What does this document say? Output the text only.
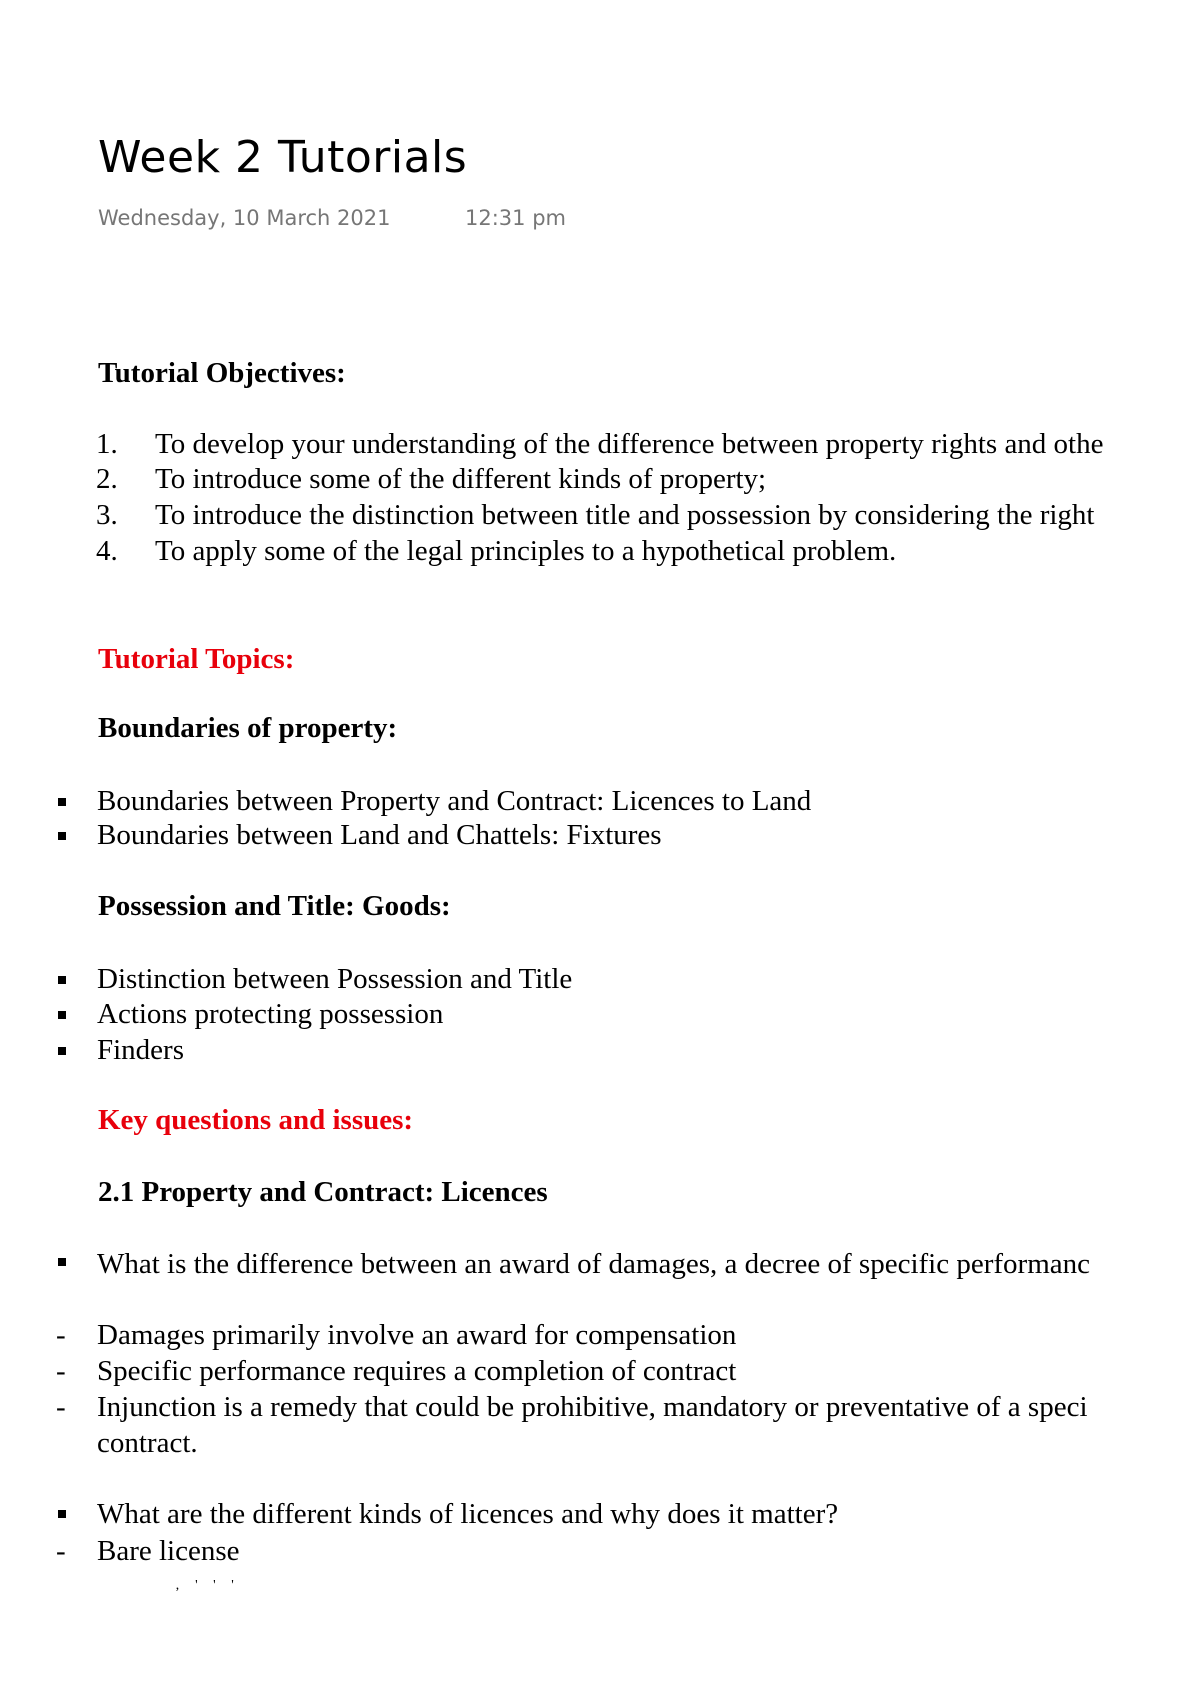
Week 2 Tutorials
Wednesday, 10 March 2021	12:31 pm
Tutorial Objectives:
1. To develop your understanding of the difference between property rights and othe
2. To introduce some of the different kinds of property;
3. To introduce the distinction between title and possession by considering the right
4. To apply some of the legal principles to a hypothetical problem.
Tutorial Topics:
Boundaries of property:
Boundaries between Property and Contract: Licences to Land
Boundaries between Land and Chattels: Fixtures
Possession and Title: Goods:
Distinction between Possession and Title
Actions protecting possession
Finders
Key questions and issues:
2.1 Property and Contract: Licences
What is the difference between an award of damages, a decree of specific performanc
- Damages primarily involve an award for compensation
- Specific performance requires a completion of contract
- Injunction is a remedy that could be prohibitive, mandatory or preventative of a speci
contract.
What are the different kinds of licences and why does it matter?
- Bare license
‚ ' ' '
